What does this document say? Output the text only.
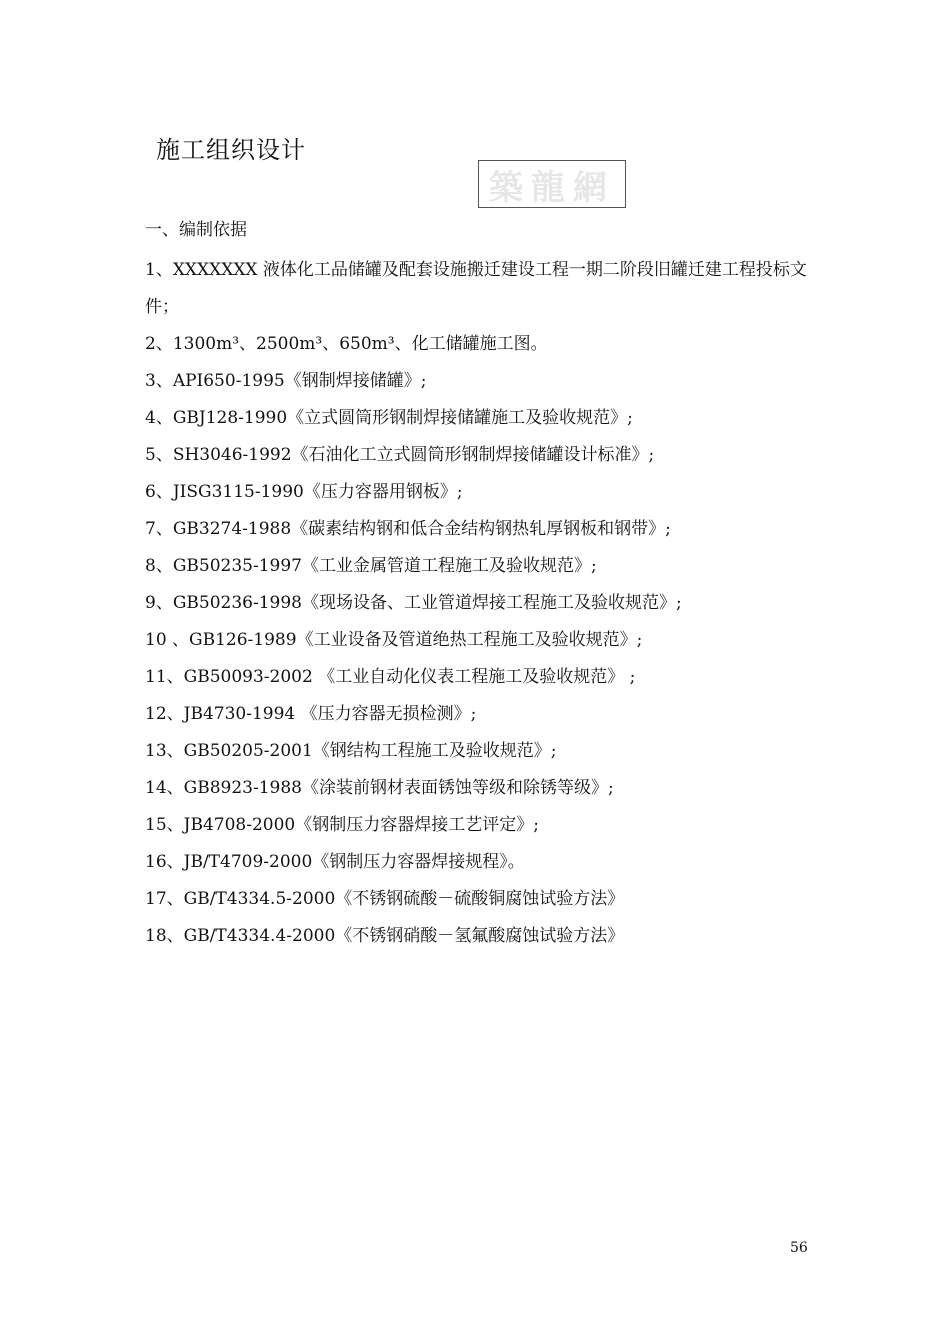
施工组织设计
築龍網
一、编制依据
1、XXXXXXX 液体化工品储罐及配套设施搬迁建设工程一期二阶段旧罐迁建工程投标文件；
2、1300m³、2500m³、650m³、化工储罐施工图。
3、API650-1995《钢制焊接储罐》;
4、GBJ128-1990《立式圆筒形钢制焊接储罐施工及验收规范》;
5、SH3046-1992《石油化工立式圆筒形钢制焊接储罐设计标准》;
6、JISG3115-1990《压力容器用钢板》;
7、GB3274-1988《碳素结构钢和低合金结构钢热轧厚钢板和钢带》;
8、GB50235-1997《工业金属管道工程施工及验收规范》;
9、GB50236-1998《现场设备、工业管道焊接工程施工及验收规范》;
10 、GB126-1989《工业设备及管道绝热工程施工及验收规范》;
11、GB50093-2002 《工业自动化仪表工程施工及验收规范》 ;
12、JB4730-1994 《压力容器无损检测》;
13、GB50205-2001《钢结构工程施工及验收规范》;
14、GB8923-1988《涂装前钢材表面锈蚀等级和除锈等级》;
15、JB4708-2000《钢制压力容器焊接工艺评定》;
16、JB/T4709-2000《钢制压力容器焊接规程》。
17、GB/T4334.5-2000《不锈钢硫酸－硫酸铜腐蚀试验方法》
18、GB/T4334.4-2000《不锈钢硝酸－氢氟酸腐蚀试验方法》
56
